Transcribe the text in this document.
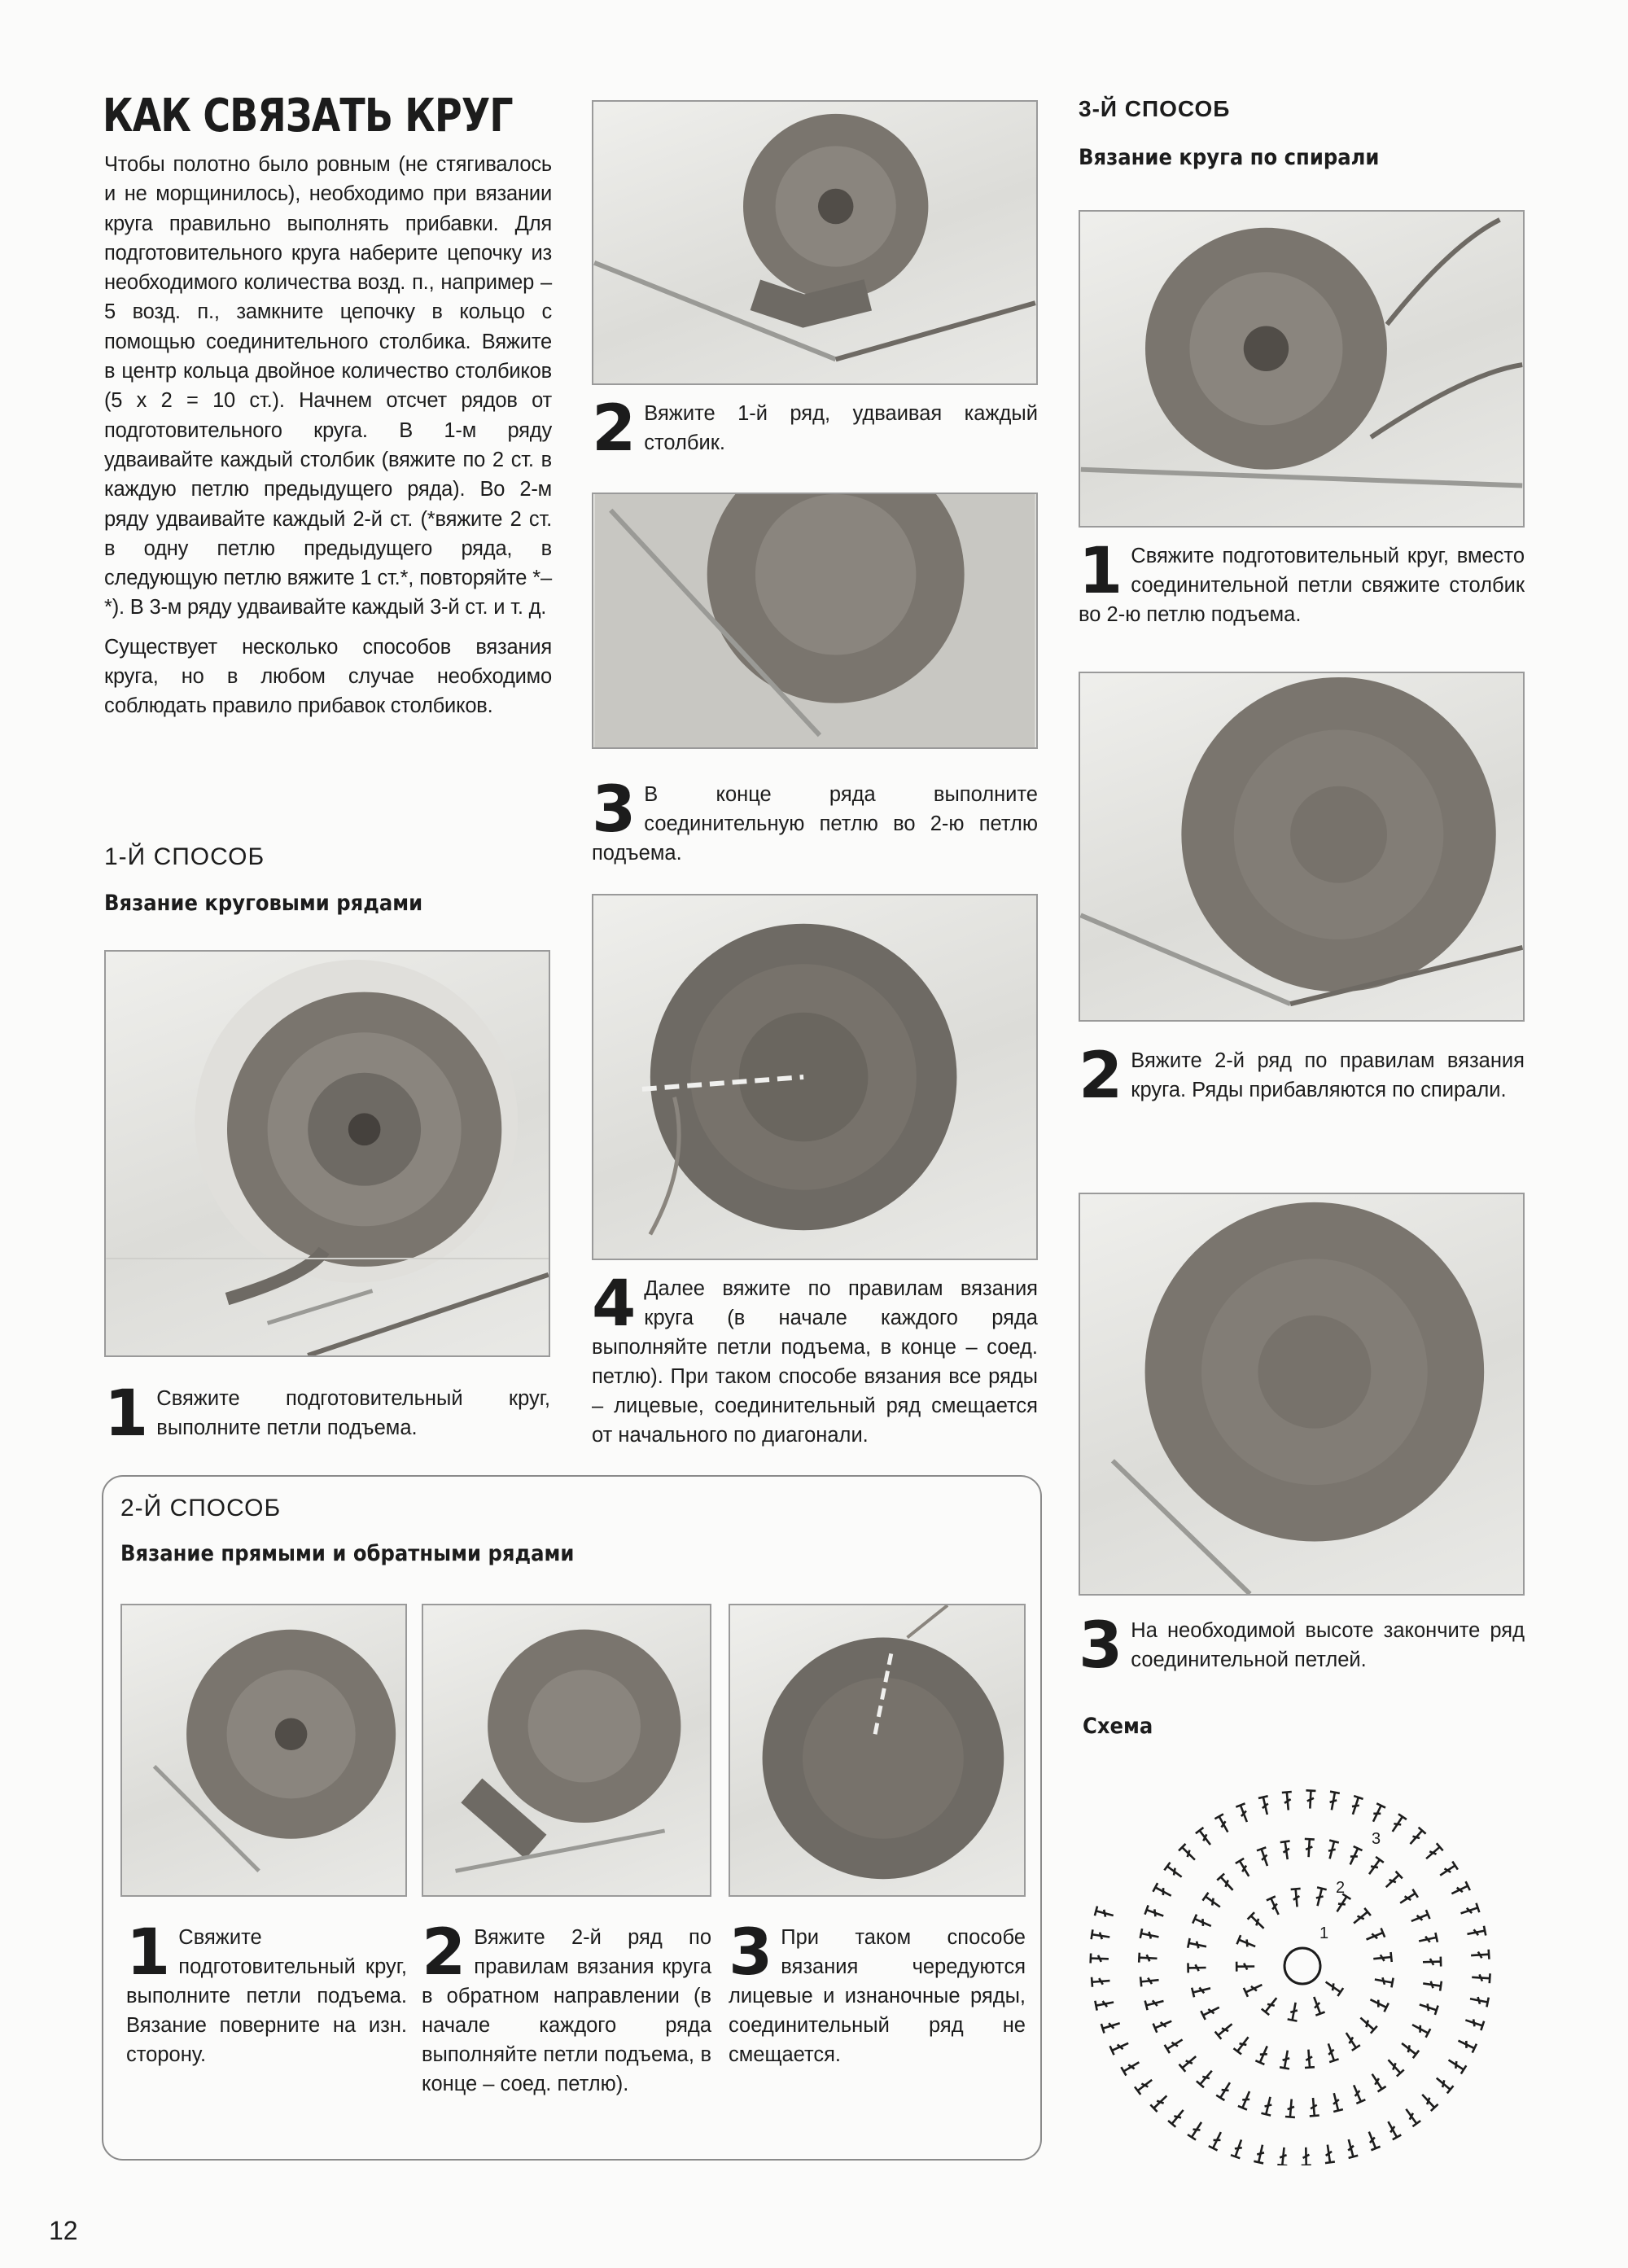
КАК СВЯЗАТЬ КРУГ

Чтобы полотно было ровным (не стягивалось и не морщинилось), необходимо при вязании круга правильно выполнять прибавки. Для подготовительного круга наберите цепочку из необходимого количества возд. п., например – 5 возд. п., замкните цепочку в кольцо с помощью соединительного столбика. Вяжите в центр кольца двойное количество столбиков (5 x 2 = 10 ст.). Начнем отсчет рядов от подготовительного круга. В 1-м ряду удваивайте каждый столбик (вяжите по 2 ст. в каждую петлю предыдущего ряда). Во 2-м ряду удваивайте каждый 2-й ст. (*вяжите 2 ст. в одну петлю предыдущего ряда, в следующую петлю вяжите 1 ст.*, повторяйте *–*). В 3-м ряду удваивайте каждый 3-й ст. и т. д.

Существует несколько способов вязания круга, но в любом случае необходимо соблюдать правило прибавок столбиков.

1-Й СПОСОБ
Вязание круговыми рядами
1 Свяжите подготовительный круг, выполните петли подъема.
2 Вяжите 1-й ряд, удваивая каждый столбик.
3 В конце ряда выполните соединительную петлю во 2-ю петлю подъема.
4 Далее вяжите по правилам вязания круга (в начале каждого ряда выполняйте петли подъема, в конце – соед. петлю). При таком способе вязания все ряды – лицевые, соединительный ряд смещается от начального по диагонали.
2-Й СПОСОБ
Вязание прямыми и обратными рядами
1 Свяжите подготовительный круг, выполните петли подъема. Вязание поверните на изн. сторону.
2 Вяжите 2-й ряд по правилам вязания круга в обратном направлении (в начале каждого ряда выполняйте петли подъема, в конце – соед. петлю).
3 При таком способе вязания чередуются лицевые и изнаночные ряды, соединительный ряд не смещается.
3-Й СПОСОБ
Вязание круга по спирали
1 Свяжите подготовительный круг, вместо соединительной петли свяжите столбик во 2-ю петлю подъема.
2 Вяжите 2-й ряд по правилам вязания круга. Ряды прибавляются по спирали.
3 На необходимой высоте закончите ряд соединительной петлей.
Схема
1
2
3
12
